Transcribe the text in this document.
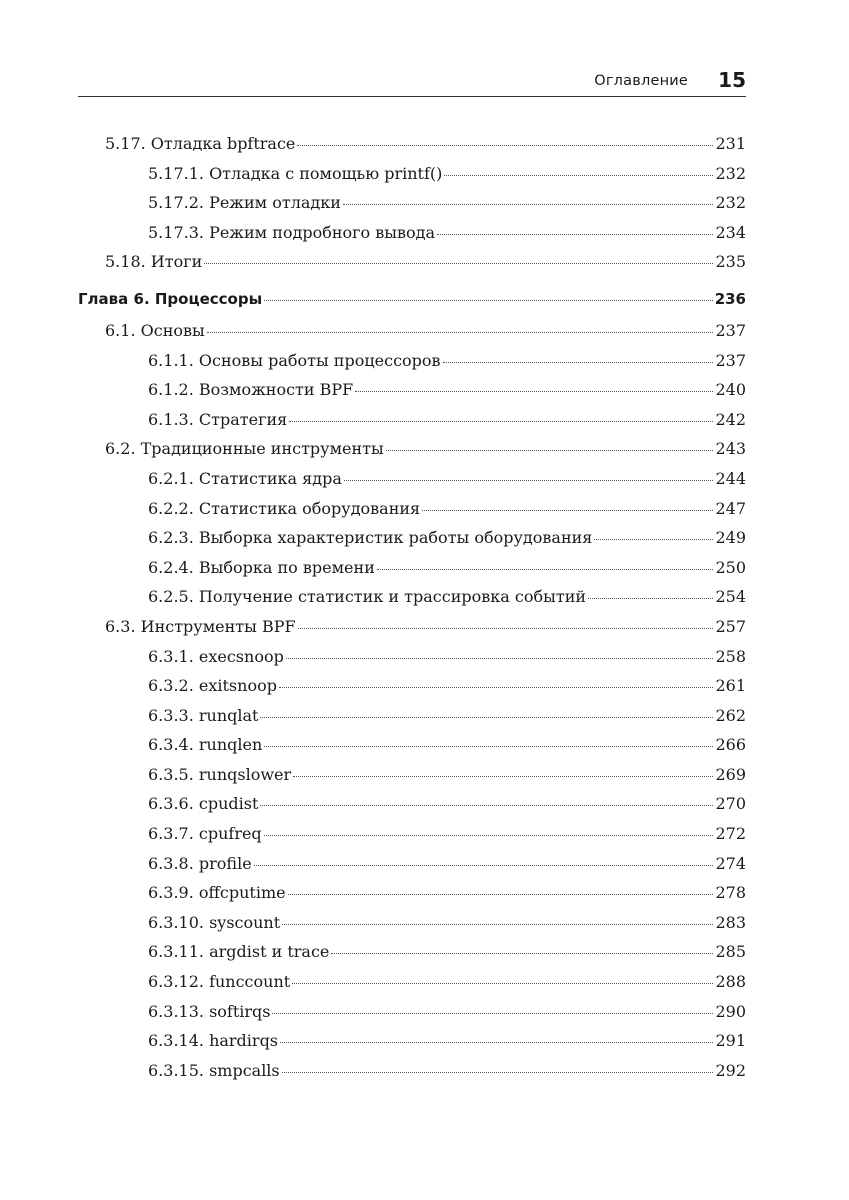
Оглавление 15
5.17. Отладка bpftrace	231
5.17.1. Отладка с помощью printf()	232
5.17.2. Режим отладки	232
5.17.3. Режим подробного вывода	234
5.18. Итоги	235
Глава 6. Процессоры	236
6.1. Основы	237
6.1.1. Основы работы процессоров	237
6.1.2. Возможности BPF	240
6.1.3. Стратегия	242
6.2. Традиционные инструменты	243
6.2.1. Статистика ядра	244
6.2.2. Статистика оборудования	247
6.2.3. Выборка характеристик работы оборудования	249
6.2.4. Выборка по времени	250
6.2.5. Получение статистик и трассировка событий	254
6.3. Инструменты BPF	257
6.3.1. execsnoop	258
6.3.2. exitsnoop	261
6.3.3. runqlat	262
6.3.4. runqlen	266
6.3.5. runqslower	269
6.3.6. cpudist	270
6.3.7. cpufreq	272
6.3.8. profile	274
6.3.9. offcputime	278
6.3.10. syscount	283
6.3.11. argdist и trace	285
6.3.12. funccount	288
6.3.13. softirqs	290
6.3.14. hardirqs	291
6.3.15. smpcalls	292
